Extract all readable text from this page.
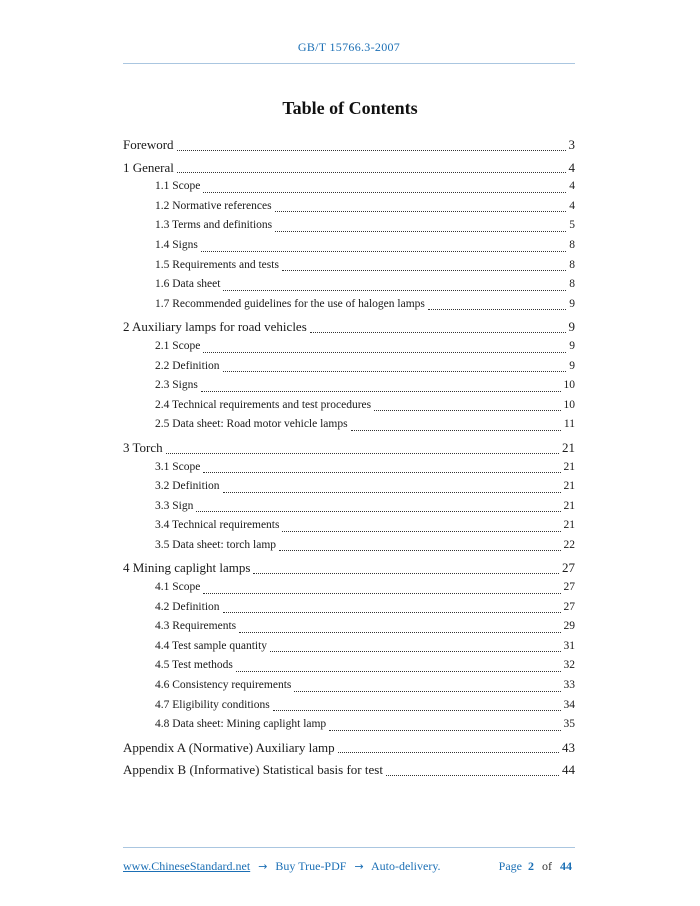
GB/T 15766.3-2007
Table of Contents
Foreword	3
1 General	4
1.1 Scope	4
1.2 Normative references	4
1.3 Terms and definitions	5
1.4 Signs	8
1.5 Requirements and tests	8
1.6 Data sheet	8
1.7 Recommended guidelines for the use of halogen lamps	9
2 Auxiliary lamps for road vehicles	9
2.1 Scope	9
2.2 Definition	9
2.3 Signs	10
2.4 Technical requirements and test procedures	10
2.5 Data sheet: Road motor vehicle lamps	11
3 Torch	21
3.1 Scope	21
3.2 Definition	21
3.3 Sign	21
3.4 Technical requirements	21
3.5 Data sheet: torch lamp	22
4 Mining caplight lamps	27
4.1 Scope	27
4.2 Definition	27
4.3 Requirements	29
4.4 Test sample quantity	31
4.5 Test methods	32
4.6 Consistency requirements	33
4.7 Eligibility conditions	34
4.8 Data sheet: Mining caplight lamp	35
Appendix A (Normative) Auxiliary lamp	43
Appendix B (Informative) Statistical basis for test	44
www.ChineseStandard.net → Buy True-PDF → Auto-delivery.	Page 2 of 44
